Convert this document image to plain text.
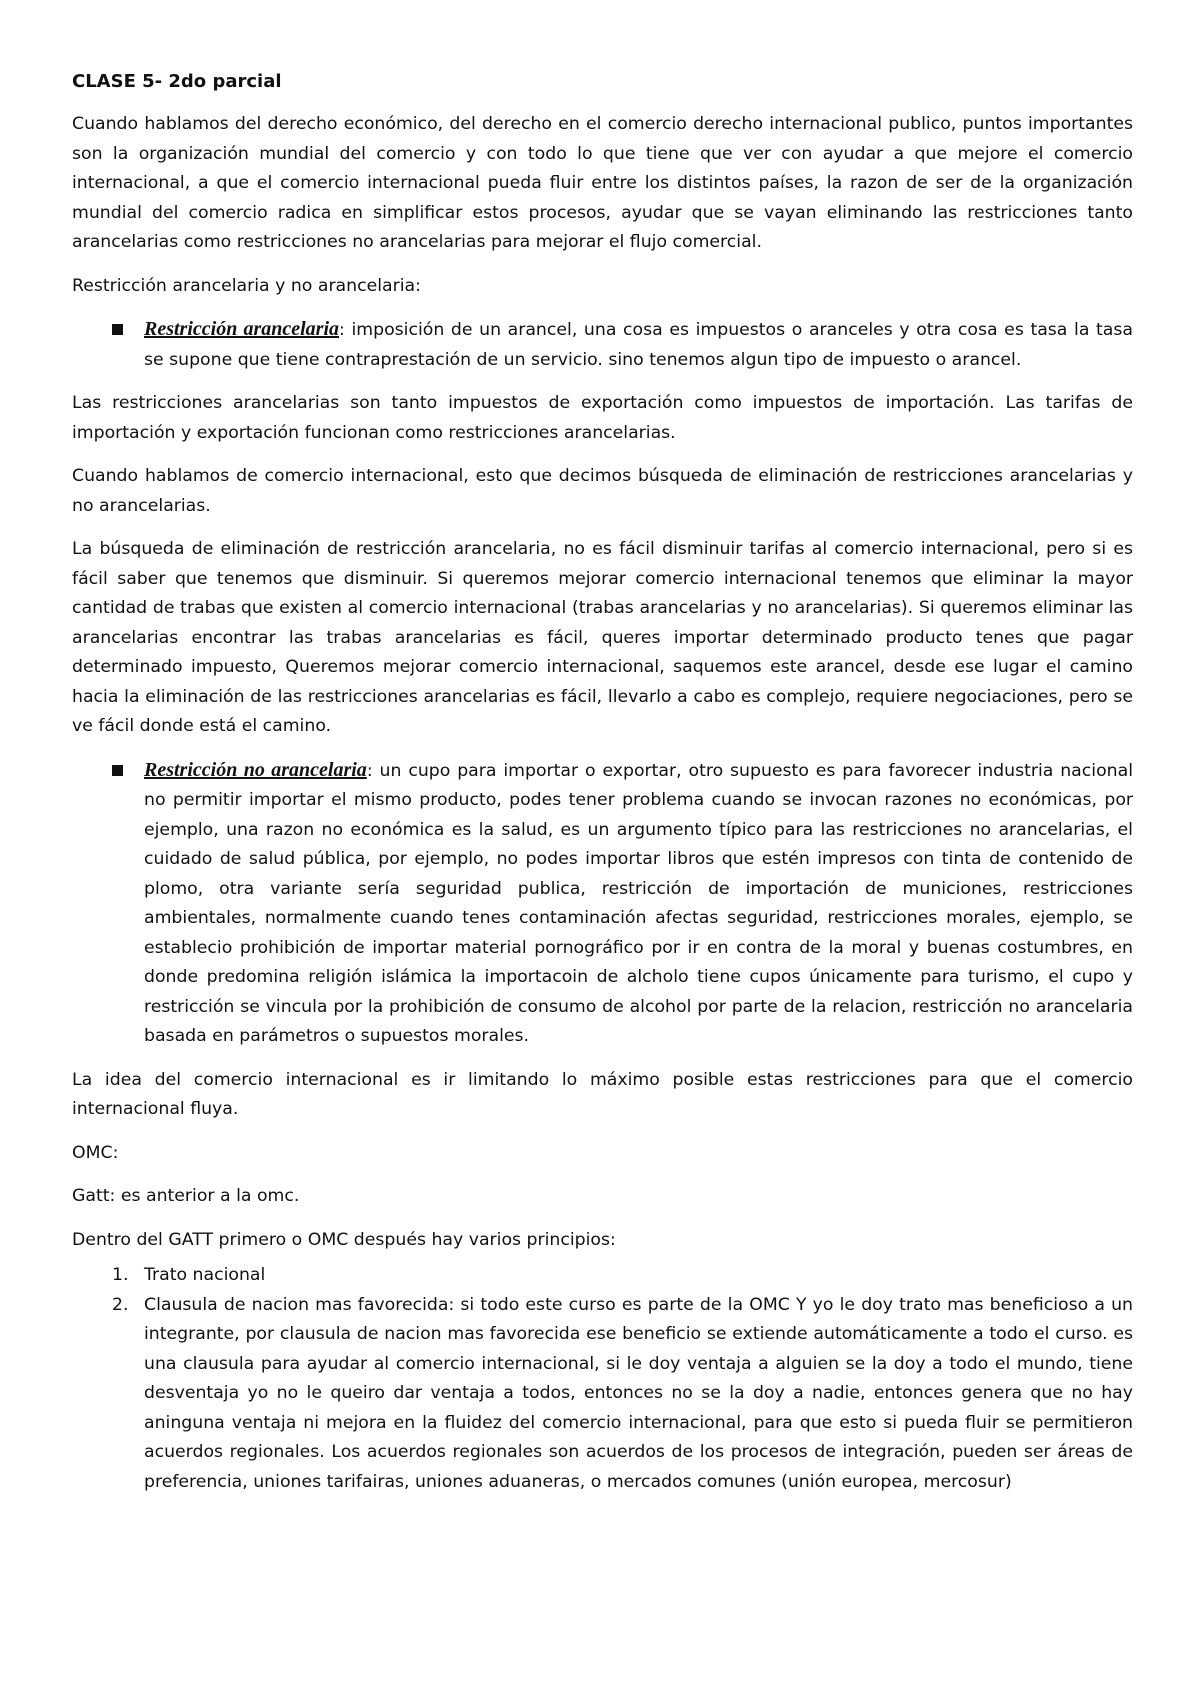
CLASE 5- 2do parcial

Cuando hablamos del derecho económico, del derecho en el comercio derecho internacional publico, puntos importantes son la organización mundial del comercio y con todo lo que tiene que ver con ayudar a que mejore el comercio internacional, a que el comercio internacional pueda fluir entre los distintos países, la razon de ser de la organización mundial del comercio radica en simplificar estos procesos, ayudar que se vayan eliminando las restricciones tanto arancelarias como restricciones no arancelarias para mejorar el flujo comercial.

Restricción arancelaria y no arancelaria:

Restricción arancelaria: imposición de un arancel, una cosa es impuestos o aranceles y otra cosa es tasa la tasa se supone que tiene contraprestación de un servicio. sino tenemos algun tipo de impuesto o arancel.

Las restricciones arancelarias son tanto impuestos de exportación como impuestos de importación. Las tarifas de importación y exportación funcionan como restricciones arancelarias.

Cuando hablamos de comercio internacional, esto que decimos búsqueda de eliminación de restricciones arancelarias y no arancelarias.

La búsqueda de eliminación de restricción arancelaria, no es fácil disminuir tarifas al comercio internacional, pero si es fácil saber que tenemos que disminuir. Si queremos mejorar comercio internacional tenemos que eliminar la mayor cantidad de trabas que existen al comercio internacional (trabas arancelarias y no arancelarias). Si queremos eliminar las arancelarias encontrar las trabas arancelarias es fácil, queres importar determinado producto tenes que pagar determinado impuesto, Queremos mejorar comercio internacional, saquemos este arancel, desde ese lugar el camino hacia la eliminación de las restricciones arancelarias es fácil, llevarlo a cabo es complejo, requiere negociaciones, pero se ve fácil donde está el camino.

Restricción no arancelaria: un cupo para importar o exportar, otro supuesto es para favorecer industria nacional no permitir importar el mismo producto, podes tener problema cuando se invocan razones no económicas, por ejemplo, una razon no económica es la salud, es un argumento típico para las restricciones no arancelarias, el cuidado de salud pública, por ejemplo, no podes importar libros que estén impresos con tinta de contenido de plomo, otra variante sería seguridad publica, restricción de importación de municiones, restricciones ambientales, normalmente cuando tenes contaminación afectas seguridad, restricciones morales, ejemplo, se establecio prohibición de importar material pornográfico por ir en contra de la moral y buenas costumbres, en donde predomina religión islámica la importacoin de alcholo tiene cupos únicamente para turismo, el cupo y restricción se vincula por la prohibición de consumo de alcohol por parte de la relacion, restricción no arancelaria basada en parámetros o supuestos morales.

La idea del comercio internacional es ir limitando lo máximo posible estas restricciones para que el comercio internacional fluya.

OMC:

Gatt: es anterior a la omc.

Dentro del GATT primero o OMC después hay varios principios:

1. Trato nacional
2. Clausula de nacion mas favorecida: si todo este curso es parte de la OMC Y yo le doy trato mas beneficioso a un integrante, por clausula de nacion mas favorecida ese beneficio se extiende automáticamente a todo el curso. es una clausula para ayudar al comercio internacional, si le doy ventaja a alguien se la doy a todo el mundo, tiene desventaja yo no le queiro dar ventaja a todos, entonces no se la doy a nadie, entonces genera que no hay aninguna ventaja ni mejora en la fluidez del comercio internacional, para que esto si pueda fluir se permitieron acuerdos regionales. Los acuerdos regionales son acuerdos de los procesos de integración, pueden ser áreas de preferencia, uniones tarifairas, uniones aduaneras, o mercados comunes (unión europea, mercosur)
